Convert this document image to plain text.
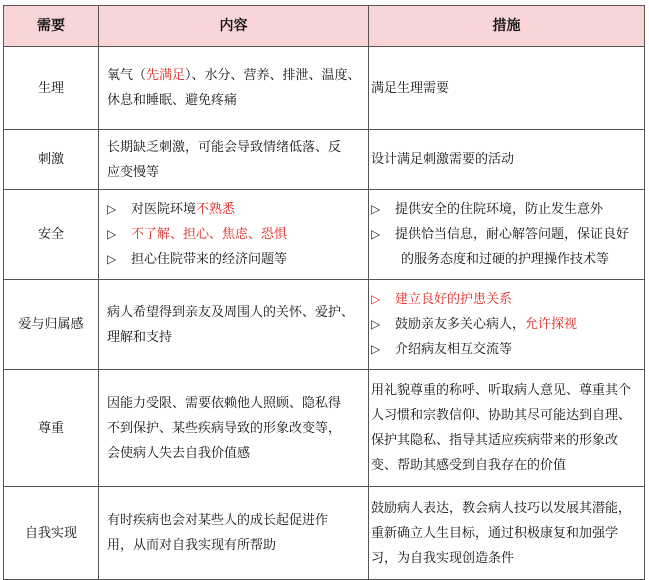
需要	内容	措施
生理	氧气（先满足）、水分、营养、排泄、温度、
休息和睡眠、避免疼痛	满足生理需要

刺激	长期缺乏刺激，可能会导致情绪低落、反
应变慢等	设计满足刺激需要的活动

安全	▷ 对医院环境不熟悉
▷ 不了解、担心、焦虑、恐惧
▷ 担心住院带来的经济问题等	▷ 提供安全的住院环境，防止发生意外
▷ 提供恰当信息，耐心解答问题，保证良好
的服务态度和过硬的护理操作技术等

爱与归属感	病人希望得到亲友及周围人的关怀、爱护、
理解和支持	▷ 建立良好的护患关系
▷ 鼓励亲友多关心病人，允许探视
▷ 介绍病友相互交流等

尊重	因能力受限、需要依赖他人照顾、隐私得
不到保护、某些疾病导致的形象改变等，
会使病人失去自我价值感	用礼貌尊重的称呼、听取病人意见、尊重其个
人习惯和宗教信仰、协助其尽可能达到自理、
保护其隐私、指导其适应疾病带来的形象改
变、帮助其感受到自我存在的价值

自我实现	有时疾病也会对某些人的成长起促进作
用，从而对自我实现有所帮助	鼓励病人表达，教会病人技巧以发展其潜能，
重新确立人生目标，通过积极康复和加强学
习，为自我实现创造条件
